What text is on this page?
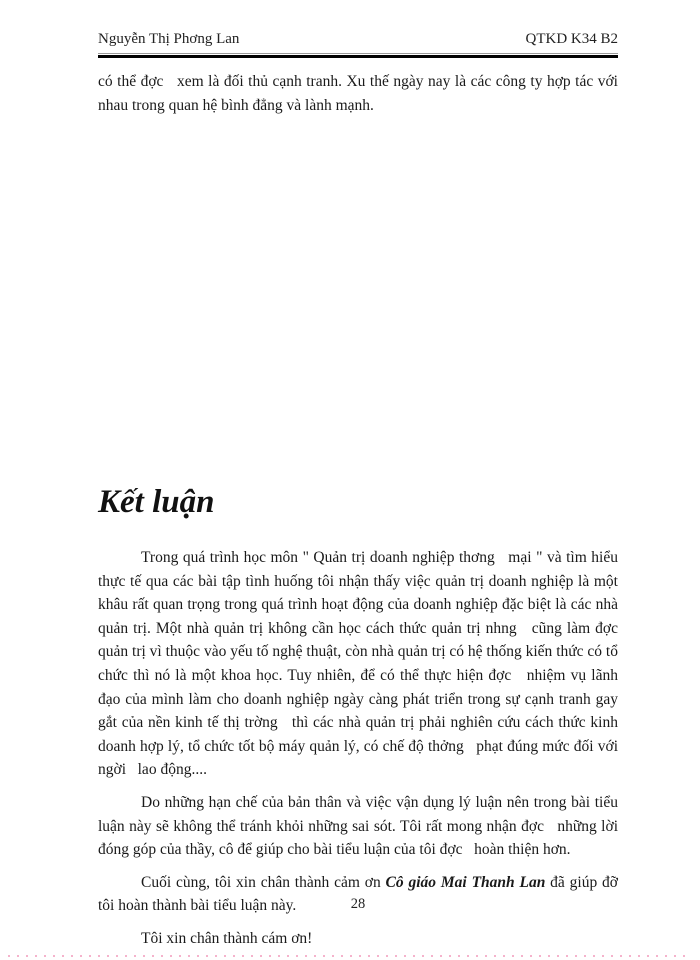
Nguyễn Thị Phơng Lan	QTKD K34 B2

có thể đợc   xem là đối thủ cạnh tranh. Xu thế ngày nay là các công ty hợp tác với nhau trong quan hệ bình đẳng và lành mạnh.

Kết luận

Trong quá trình học môn " Quản trị doanh nghiệp thơng   mại " và tìm hiểu thực tế qua các bài tập tình huống tôi nhận thấy việc quản trị doanh nghiệp là một khâu rất quan trọng trong quá trình hoạt động của doanh nghiệp đặc biệt là các nhà quản trị. Một nhà quản trị không cần học cách thức quản trị nhng   cũng làm đợc   quản trị vì thuộc vào yếu tố nghệ thuật, còn nhà quản trị có hệ thống kiến thức có tổ chức thì nó là một khoa học. Tuy nhiên, để có thể thực hiện đợc   nhiệm vụ lãnh đạo của mình làm cho doanh nghiệp ngày càng phát triển trong sự cạnh tranh gay gắt của nền kinh tế thị trờng   thì các nhà quản trị phải nghiên cứu cách thức kinh doanh hợp lý, tổ chức tốt bộ máy quản lý, có chế độ thởng   phạt đúng mức đối với ngời   lao động....

Do những hạn chế của bản thân và việc vận dụng lý luận nên trong bài tiểu luận này sẽ không thể tránh khỏi những sai sót. Tôi rất mong nhận đợc   những lời đóng góp của thầy, cô để giúp cho bài tiểu luận của tôi đợc   hoàn thiện hơn.

Cuối cùng, tôi xin chân thành cảm ơn Cô giáo Mai Thanh Lan đã giúp đỡ tôi hoàn thành bài tiểu luận này.

Tôi xin chân thành cám ơn!

28
